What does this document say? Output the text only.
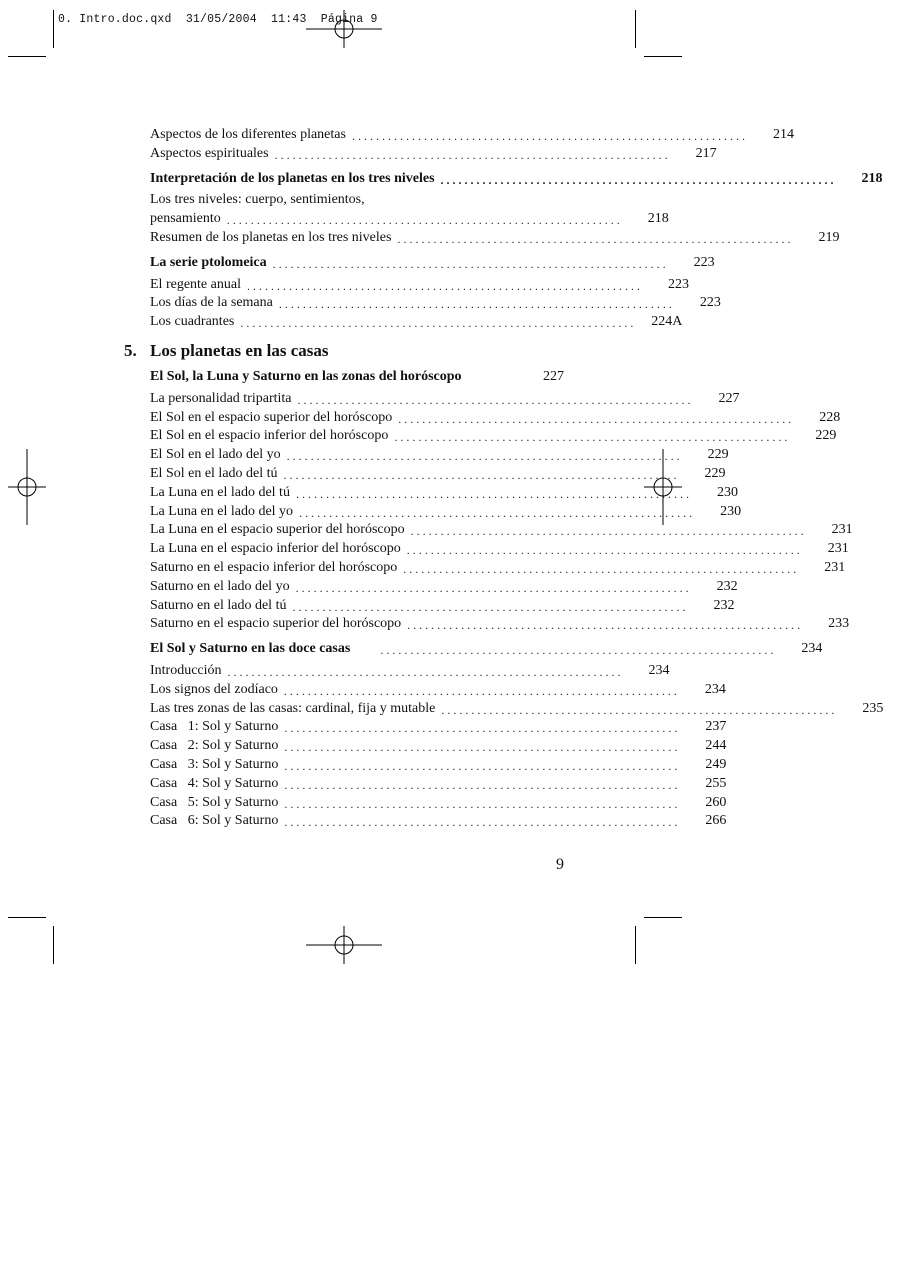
0. Intro.doc.qxd  31/05/2004  11:43  Página 9
Aspectos de los diferentes planetas ..................................................................	214
Aspectos espirituales ..................................................................	217
Interpretación de los planetas en los tres niveles ..................................................................	218
Los tres niveles: cuerpo, sentimientos,
pensamiento ..................................................................	218
Resumen de los planetas en los tres niveles ..................................................................	219
La serie ptolomeica ..................................................................	223
El regente anual ..................................................................	223
Los días de la semana ..................................................................	223
Los cuadrantes ..................................................................	224A
5. Los planetas en las casas
El Sol, la Luna y Saturno en las zonas del horóscopo	227
La personalidad tripartita ..................................................................	227
El Sol en el espacio superior del horóscopo ..................................................................	228
El Sol en el espacio inferior del horóscopo ..................................................................	229
El Sol en el lado del yo ..................................................................	229
El Sol en el lado del tú ..................................................................	229
La Luna en el lado del tú ..................................................................	230
La Luna en el lado del yo ..................................................................	230
La Luna en el espacio superior del horóscopo ..................................................................	231
La Luna en el espacio inferior del horóscopo ..................................................................	231
Saturno en el espacio inferior del horóscopo ..................................................................	231
Saturno en el lado del yo ..................................................................	232
Saturno en el lado del tú ..................................................................	232
Saturno en el espacio superior del horóscopo ..................................................................	233
El Sol y Saturno en las doce casas	..................................................................	234
Introducción ..................................................................	234
Los signos del zodíaco ..................................................................	234
Las tres zonas de las casas: cardinal, fija y mutable ..................................................................	235
Casa   1: Sol y Saturno ..................................................................	237
Casa   2: Sol y Saturno ..................................................................	244
Casa   3: Sol y Saturno ..................................................................	249
Casa   4: Sol y Saturno ..................................................................	255
Casa   5: Sol y Saturno ..................................................................	260
Casa   6: Sol y Saturno ..................................................................	266
9
